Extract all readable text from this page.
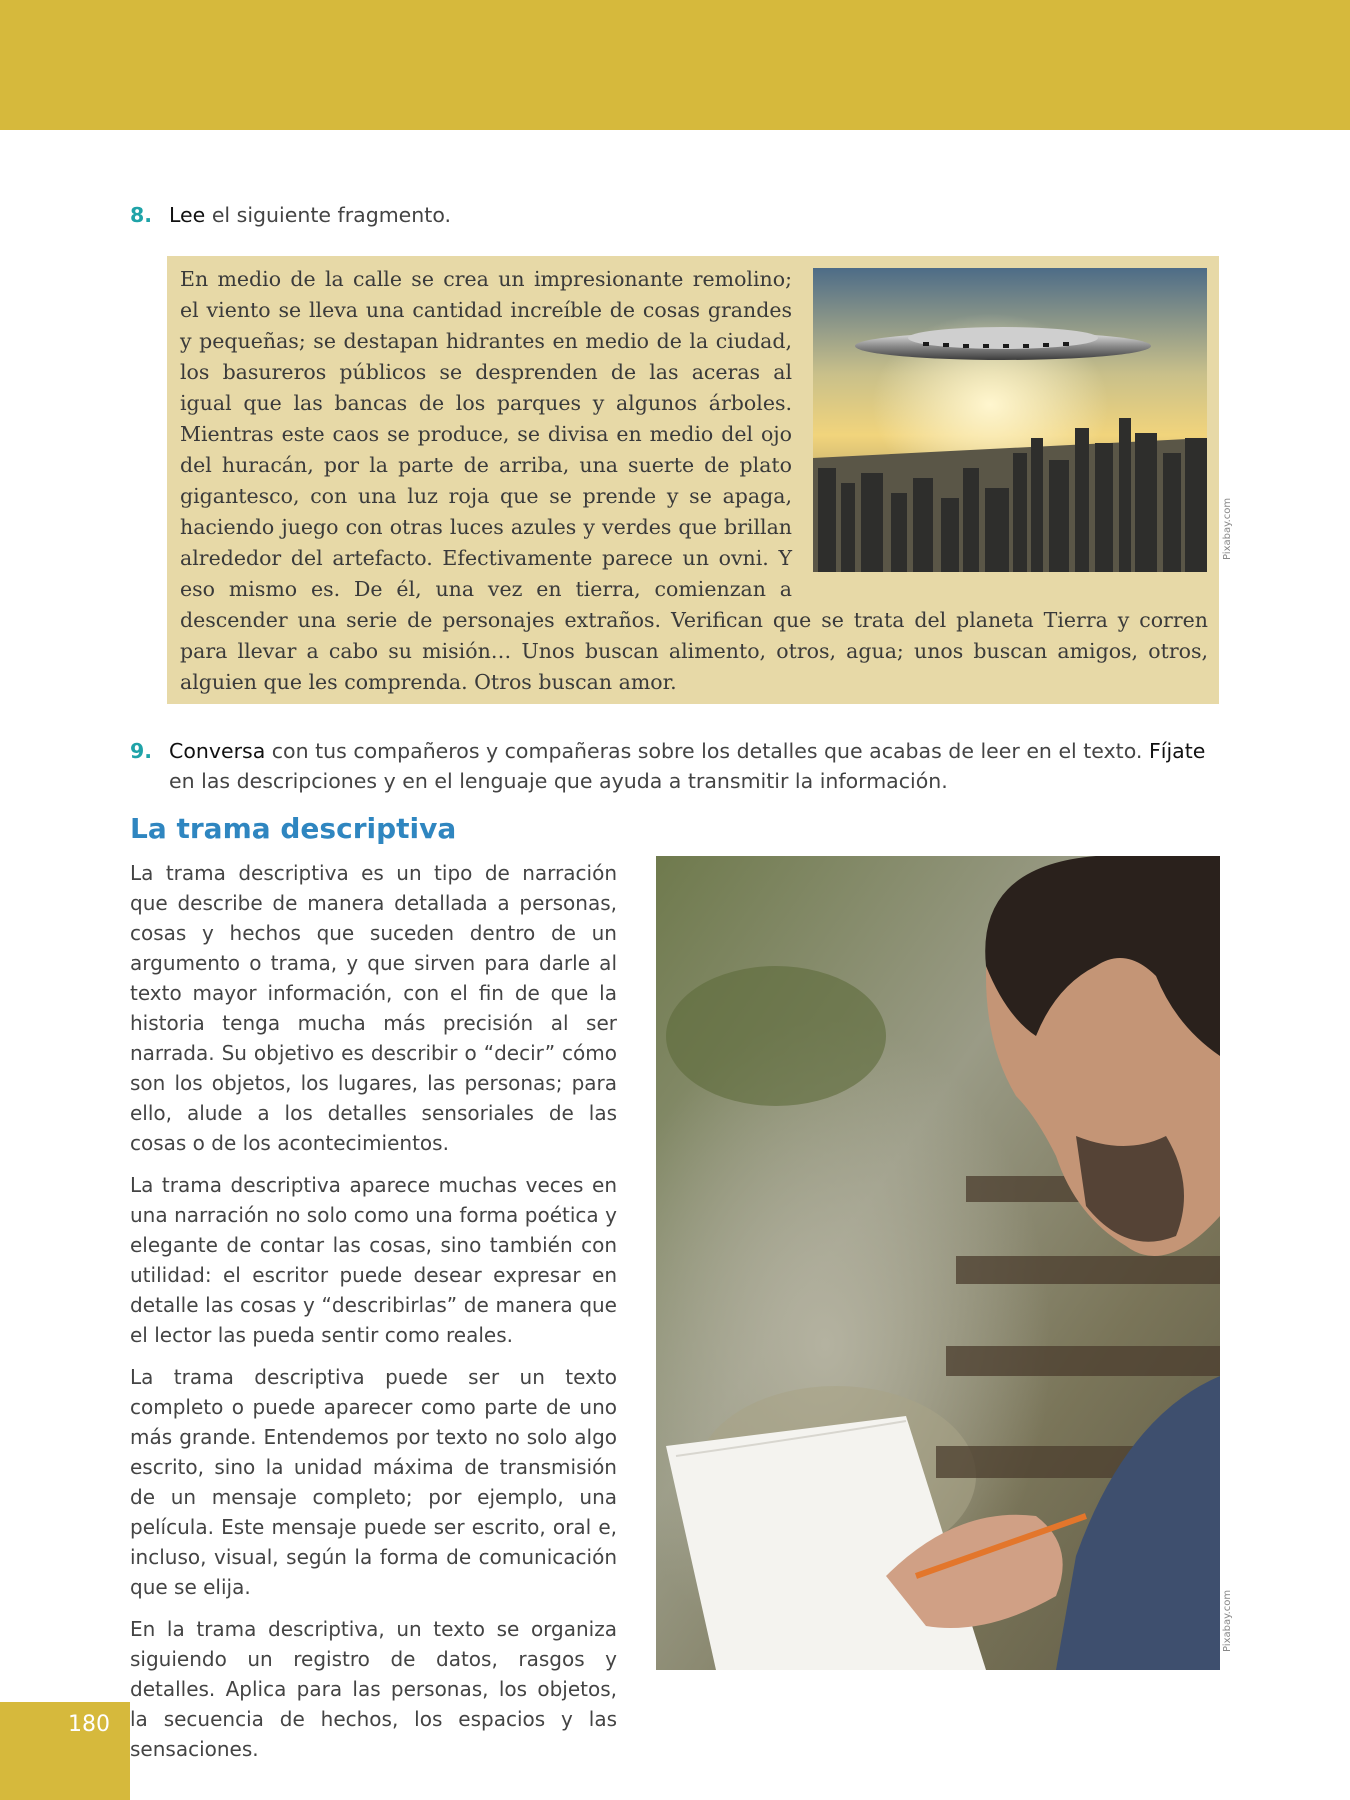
8. Lee el siguiente fragmento.
En medio de la calle se crea un impresionante remolino; el viento se lleva una cantidad increíble de cosas grandes y pequeñas; se destapan hidrantes en medio de la ciudad, los basureros públicos se desprenden de las aceras al igual que las bancas de los parques y algunos árboles. Mientras este caos se produce, se divisa en medio del ojo del huracán, por la parte de arriba, una suerte de plato gigantesco, con una luz roja que se prende y se apaga, haciendo juego con otras luces azules y verdes que brillan alrededor del artefacto. Efectivamente parece un ovni. Y eso mismo es. De él, una vez en tierra, comienzan a descender una serie de personajes extraños. Verifican que se trata del planeta Tierra y corren para llevar a cabo su misión… Unos buscan alimento, otros, agua; unos buscan amigos, otros, alguien que les comprenda. Otros buscan amor.
Pixabay.com
9. Conversa con tus compañeros y compañeras sobre los detalles que acabas de leer en el texto. Fíjate en las descripciones y en el lenguaje que ayuda a transmitir la información.
La trama descriptiva

La trama descriptiva es un tipo de narración que describe de manera detallada a personas, cosas y hechos que suceden dentro de un argumento o trama, y que sirven para darle al texto mayor información, con el fin de que la historia tenga mucha más precisión al ser narrada. Su objetivo es describir o “decir” cómo son los objetos, los lugares, las personas; para ello, alude a los detalles sensoriales de las cosas o de los acontecimientos.

La trama descriptiva aparece muchas veces en una narración no solo como una forma poética y elegante de contar las cosas, sino también con utilidad: el escritor puede desear expresar en detalle las cosas y “describirlas” de manera que el lector las pueda sentir como reales.

La trama descriptiva puede ser un texto completo o puede aparecer como parte de uno más grande. Entendemos por texto no solo algo escrito, sino la unidad máxima de transmisión de un mensaje completo; por ejemplo, una película. Este mensaje puede ser escrito, oral e, incluso, visual, según la forma de comunicación que se elija.

En la trama descriptiva, un texto se organiza siguiendo un registro de datos, rasgos y detalles. Aplica para las personas, los objetos, la secuencia de hechos, los espacios y las sensaciones.

Pixabay.com
180
